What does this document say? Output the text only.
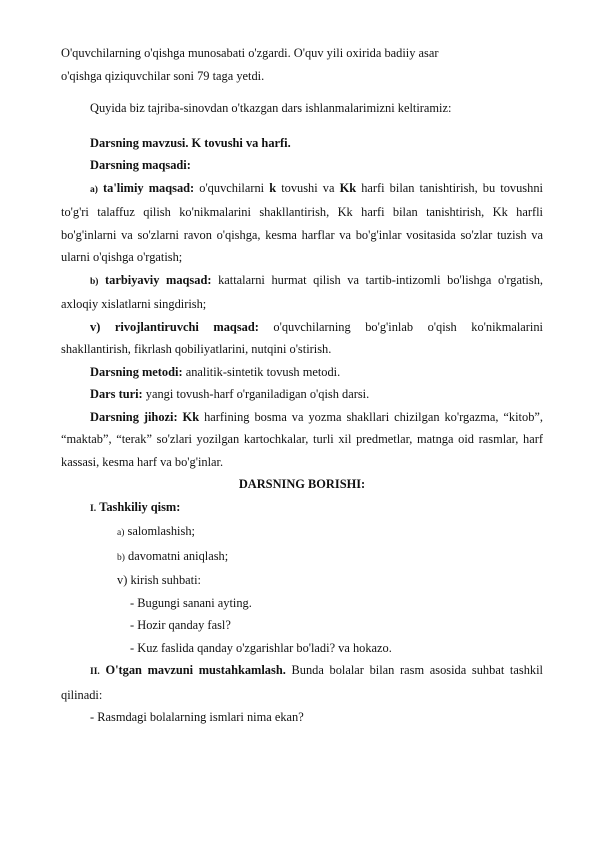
O'quvchilarning o'qishga munosabati o'zgardi. O'quv yili oxirida badiiy asar
o'qishga qiziquvchilar soni 79 taga yetdi.

Quyida biz tajriba-sinovdan o'tkazgan dars ishlanmalarimizni keltiramiz:

Darsning mavzusi. K tovushi va harfi.

Darsning maqsadi:

a) ta'limiy maqsad: o'quvchilarni k tovushi va Kk harfi bilan tanishtirish, bu tovushni to'g'ri talaffuz qilish ko'nikmalarini shakllantirish, Kk harfi bilan tanishtirish, Kk harfli bo'g'inlarni va so'zlarni ravon o'qishga, kesma harflar va bo'g'inlar vositasida so'zlar tuzish va ularni o'qishga o'rgatish;

b) tarbiyaviy maqsad: kattalarni hurmat qilish va tartib-intizomli bo'lishga o'rgatish, axloqiy xislatlarni singdirish;

v) rivojlantiruvchi maqsad: o'quvchilarning bo'g'inlab o'qish ko'nikmalarini shakllantirish, fikrlash qobiliyatlarini, nutqini o'stirish.

Darsning metodi: analitik-sintetik tovush metodi.

Dars turi: yangi tovush-harf o'rganiladigan o'qish darsi.

Darsning jihozi: Kk harfining bosma va yozma shakllari chizilgan ko'rgazma, “kitob”, “maktab”, “terak” so'zlari yozilgan kartochkalar, turli xil predmetlar, matnga oid rasmlar, harf kassasi, kesma harf va bo'g'inlar.

DARSNING BORISHI:

I. Tashkiliy qism:

a) salomlashish;

b) davomatni aniqlash;

v) kirish suhbati:

- Bugungi sanani ayting.

- Hozir qanday fasl?

- Kuz faslida qanday o'zgarishlar bo'ladi? va hokazo.

II. O'tgan mavzuni mustahkamlash. Bunda bolalar bilan rasm asosida suhbat tashkil qilinadi:

- Rasmdagi bolalarning ismlari nima ekan?
